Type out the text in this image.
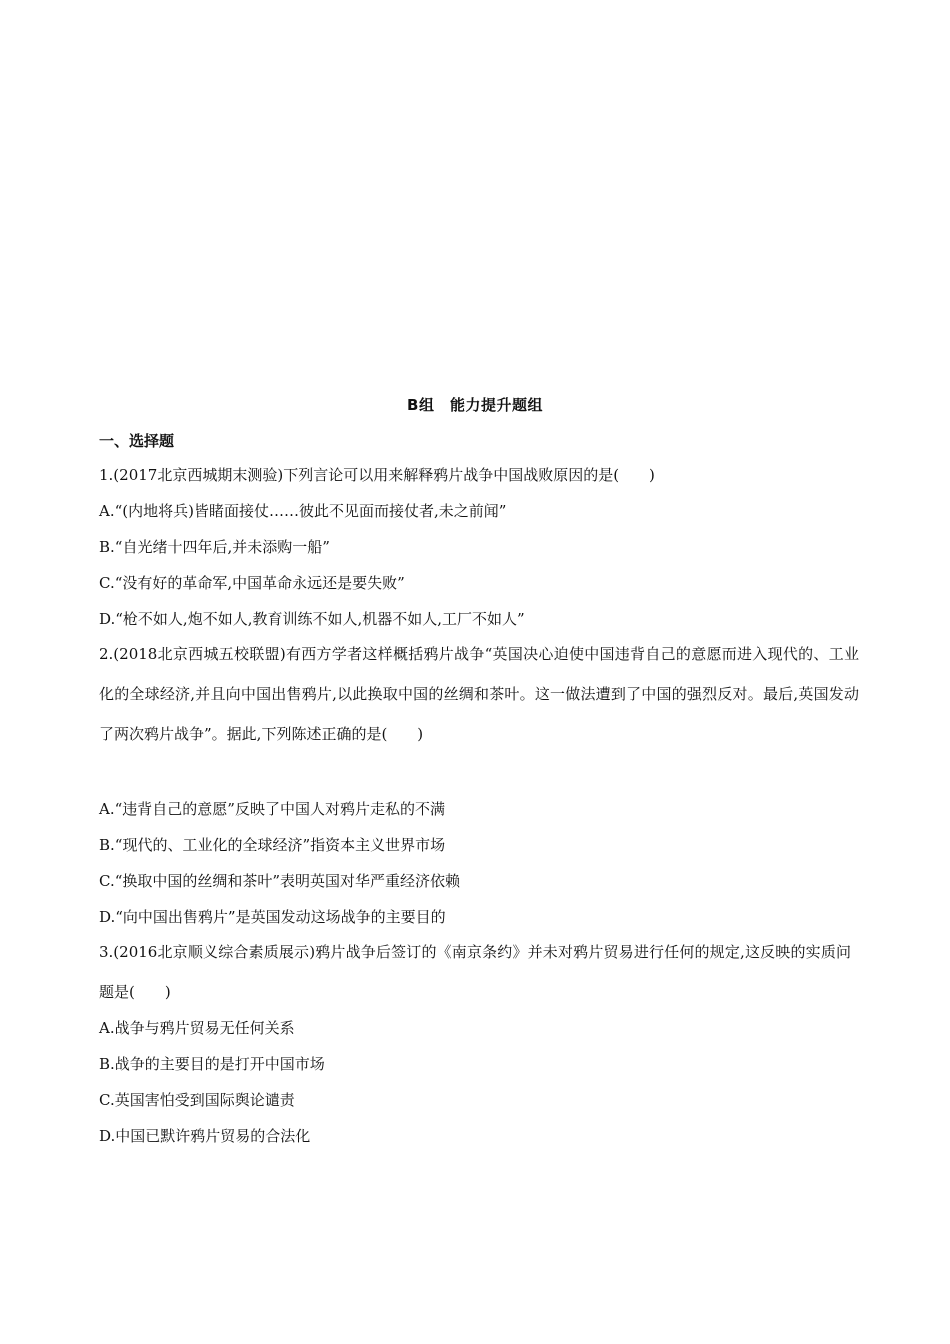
B组　能力提升题组
一、选择题
1.(2017北京西城期末测验)下列言论可以用来解释鸦片战争中国战败原因的是(　　)
A.“(内地将兵)皆睹面接仗……彼此不见面而接仗者,未之前闻”
B.“自光绪十四年后,并未添购一船”
C.“没有好的革命军,中国革命永远还是要失败”
D.“枪不如人,炮不如人,教育训练不如人,机器不如人,工厂不如人”
2.(2018北京西城五校联盟)有西方学者这样概括鸦片战争“英国决心迫使中国违背自己的意愿而进入现代的、工业化的全球经济,并且向中国出售鸦片,以此换取中国的丝绸和茶叶。这一做法遭到了中国的强烈反对。最后,英国发动了两次鸦片战争”。据此,下列陈述正确的是(　　)
A.“违背自己的意愿”反映了中国人对鸦片走私的不满
B.“现代的、工业化的全球经济”指资本主义世界市场
C.“换取中国的丝绸和茶叶”表明英国对华严重经济依赖
D.“向中国出售鸦片”是英国发动这场战争的主要目的
3.(2016北京顺义综合素质展示)鸦片战争后签订的《南京条约》并未对鸦片贸易进行任何的规定,这反映的实质问题是(　　)
A.战争与鸦片贸易无任何关系
B.战争的主要目的是打开中国市场
C.英国害怕受到国际舆论谴责
D.中国已默许鸦片贸易的合法化
